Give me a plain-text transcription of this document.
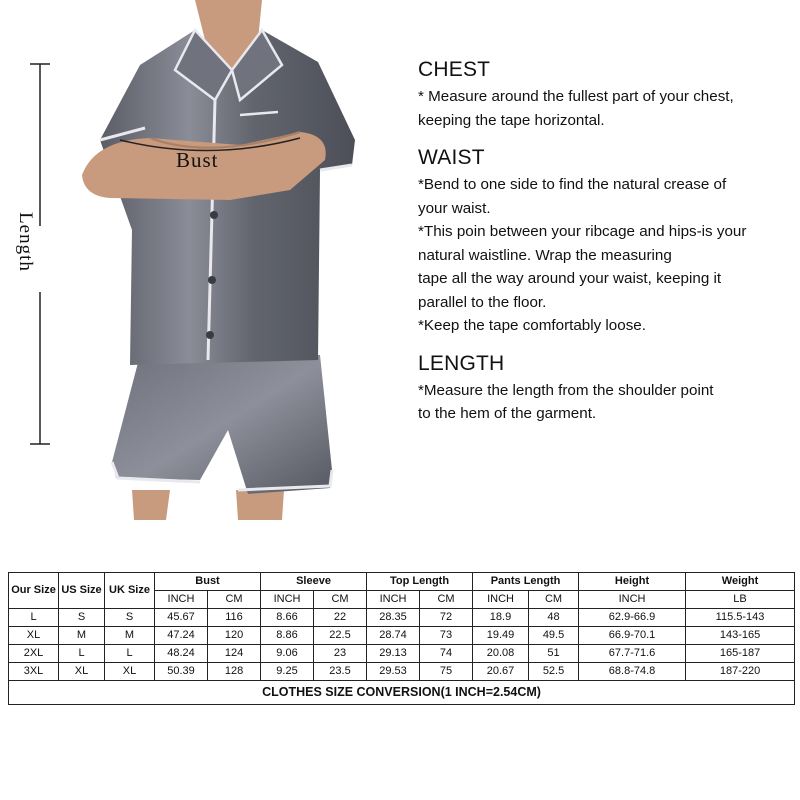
Length
Bust
CHEST

* Measure around the fullest part of your chest,

keeping the tape horizontal.

WAIST

*Bend to one side to find the natural crease of

your waist.

*This poin between your ribcage and hips-is your

natural waistline. Wrap the measuring

tape all the way around your waist, keeping it

parallel to the floor.

*Keep the tape comfortably loose.

LENGTH

*Measure the length from the shoulder point

to the hem of the garment.

Our Size	US Size	UK Size	Bust		Sleeve		Top Length		Pants Length		Height	Weight
			INCH	CM	INCH	CM	INCH	CM	INCH	CM	INCH	LB
L	S	S	45.67	116	8.66	22	28.35	72	18.9	48	62.9-66.9	115.5-143
XL	M	M	47.24	120	8.86	22.5	28.74	73	19.49	49.5	66.9-70.1	143-165
2XL	L	L	48.24	124	9.06	23	29.13	74	20.08	51	67.7-71.6	165-187
3XL	XL	XL	50.39	128	9.25	23.5	29.53	75	20.67	52.5	68.8-74.8	187-220
CLOTHES SIZE CONVERSION(1 INCH=2.54CM)												
